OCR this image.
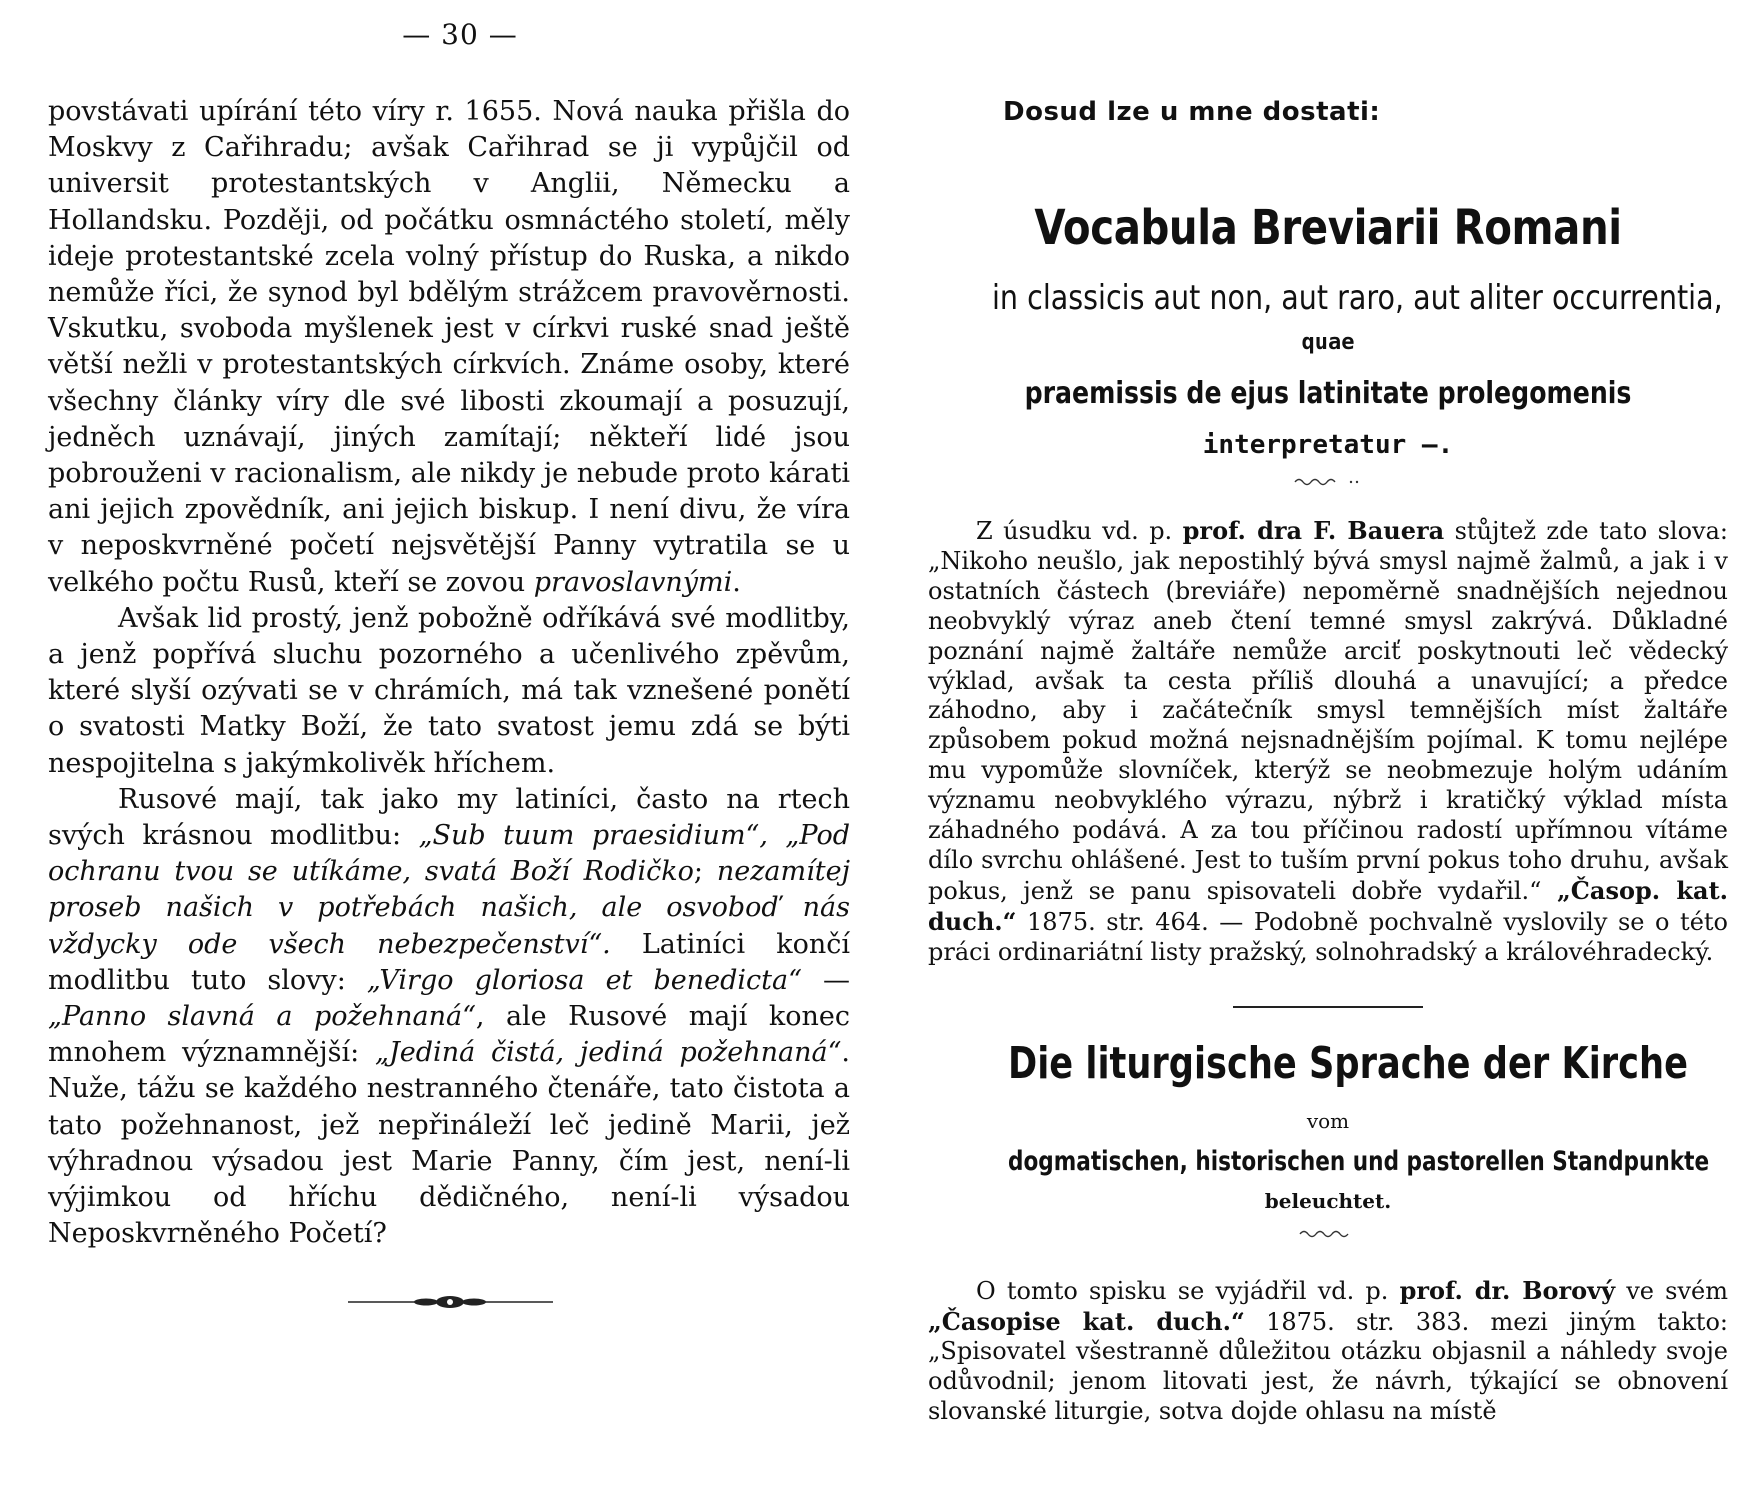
— 30 —

povstávati upírání této víry r. 1655. Nová nauka přišla do Moskvy z Cařihradu; avšak Cařihrad se ji vypůjčil od universit protestantských v Anglii, Německu a Hollandsku. Později, od počátku osmnáctého století, měly ideje protestantské zcela volný přístup do Ruska, a nikdo nemůže říci, že synod byl bdělým strážcem pravověrnosti. Vskutku, svoboda myšlenek jest v církvi ruské snad ještě větší nežli v protestantských církvích. Známe osoby, které všechny články víry dle své libosti zkoumají a posuzují, jedněch uznávají, jiných zamítají; někteří lidé jsou pobrouženi v racionalism, ale nikdy je nebude proto kárati ani jejich zpovědník, ani jejich biskup. I není divu, že víra v neposkvrněné početí nejsvětější Panny vytratila se u velkého počtu Rusů, kteří se zovou pravoslavnými.

Avšak lid prostý, jenž pobožně odříkává své modlitby, a jenž popřívá sluchu pozorného a učenlivého zpěvům, které slyší ozývati se v chrámích, má tak vznešené ponětí o svatosti Matky Boží, že tato svatost jemu zdá se býti nespojitelna s jakýmkolivěk hříchem.

Rusové mají, tak jako my latiníci, často na rtech svých krásnou modlitbu: „Sub tuum praesidium“, „Pod ochranu tvou se utíkáme, svatá Boží Rodičko; nezamítej proseb našich v potřebách našich, ale osvoboď nás vždycky ode všech nebezpečenství“. Latiníci končí modlitbu tuto slovy: „Virgo gloriosa et benedicta“ — „Panno slavná a požehnaná“, ale Rusové mají konec mnohem významnější: „Jediná čistá, jediná požehnaná“. Nuže, tážu se každého nestranného čtenáře, tato čistota a tato požehnanost, jež nepřináleží leč jedině Marii, jež výhradnou výsadou jest Marie Panny, čím jest, není-li výjimkou od hříchu dědičného, není-li výsadou Neposkvrněného Početí?

Dosud lze u mne dostati:
Vocabula Breviarii Romani
in classicis aut non, aut raro, aut aliter occurrentia,
quae
praemissis de ejus latinitate prolegomenis
interpretatur —.

Z úsudku vd. p. prof. dra F. Bauera stůjtež zde tato slova: „Nikoho neušlo, jak nepostihlý bývá smysl najmě žalmů, a jak i v ostatních částech (breviáře) nepoměrně snadnějších nejednou neobvyklý výraz aneb čtení temné smysl zakrývá. Důkladné poznání najmě žaltáře nemůže arciť poskytnouti leč vědecký výklad, avšak ta cesta příliš dlouhá a unavující; a předce záhodno, aby i začátečník smysl temnějších míst žaltáře způsobem pokud možná nejsnadnějším pojímal. K tomu nejlépe mu vypomůže slovníček, kterýž se neobmezuje holým udáním významu neobvyklého výrazu, nýbrž i kratičký výklad místa záhadného podává. A za tou příčinou radostí upřímnou vítáme dílo svrchu ohlášené. Jest to tuším první pokus toho druhu, avšak pokus, jenž se panu spisovateli dobře vydařil.“ „Časop. kat. duch.“ 1875. str. 464. — Podobně pochvalně vyslovily se o této práci ordinariátní listy pražský, solnohradský a královéhradecký.

Die liturgische Sprache der Kirche
vom
dogmatischen, historischen und pastorellen Standpunkte
beleuchtet.

O tomto spisku se vyjádřil vd. p. prof. dr. Borový ve svém „Časopise kat. duch.“ 1875. str. 383. mezi jiným takto: „Spisovatel všestranně důležitou otázku objasnil a náhledy svoje odůvodnil; jenom litovati jest, že návrh, týkající se obnovení slovanské liturgie, sotva dojde ohlasu na místě
